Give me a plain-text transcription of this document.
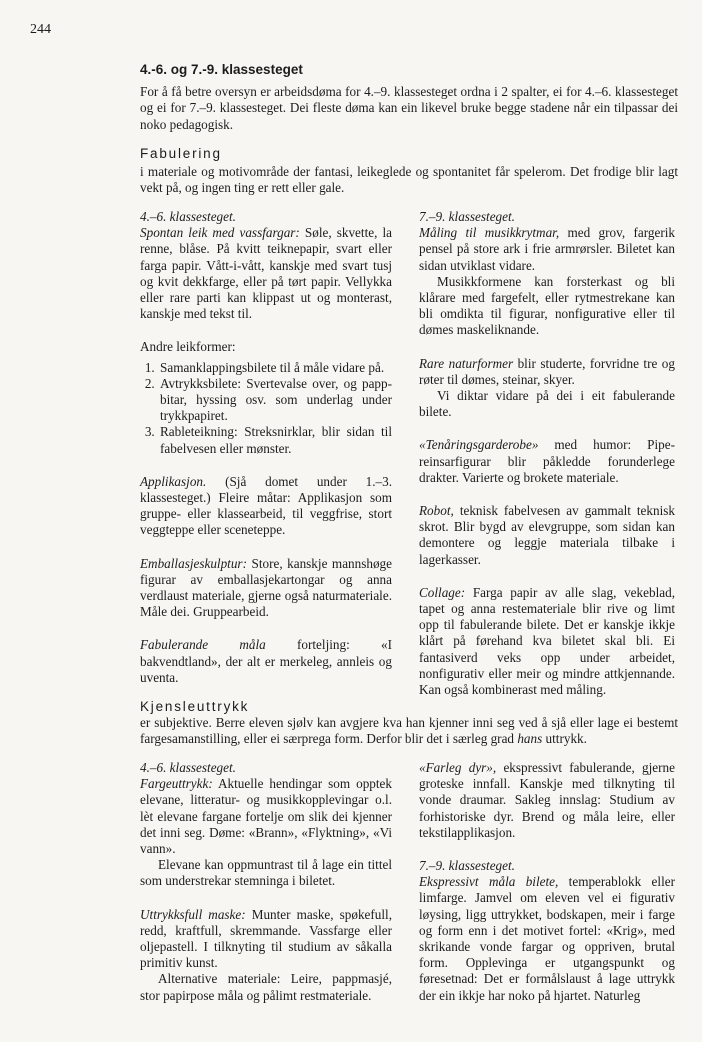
244
4.-6. og 7.-9. klassesteget
For å få betre oversyn er arbeidsdøma for 4.–9. klassesteget ordna i 2 spalter, ei for 4.–6. klassesteget og ei for 7.–9. klassesteget. Dei fleste døma kan ein likevel bruke begge stadene når ein tilpassar dei noko pedagogisk.
Fabulering
i materiale og motivområde der fantasi, leikeglede og spontanitet får spelerom. Det frodige blir lagt vekt på, og ingen ting er rett eller gale.

4.–6. klassesteget.
Spontan leik med vassfargar: Søle, skvette, la renne, blåse. På kvitt teiknepapir, svart eller farga papir. Vått-i-vått, kanskje med svart tusj og kvit dekkfarge, eller på tørt papir. Vellykka eller rare parti kan klippast ut og monterast, kanskje med tekst til.

Andre leikformer:

1. Samanklappingsbilete til å måle vidare på.
2. Avtrykksbilete: Svertevalse over, og papp-bitar, hyssing osv. som underlag under trykkpapiret.
3. Rableteikning: Streksnirklar, blir sidan til fabelvesen eller mønster.

Applikasjon. (Sjå domet under 1.–3. klassesteget.) Fleire måtar: Applikasjon som gruppe- eller klassearbeid, til veggfrise, stort veggteppe eller sceneteppe.

Emballasjeskulptur: Store, kanskje mannshøge figurar av emballasjekartongar og anna verdlaust materiale, gjerne også naturmateriale. Måle dei. Gruppearbeid.

Fabulerande måla forteljing: «I bakvendtland», der alt er merkeleg, annleis og uventa.

7.–9. klassesteget.
Måling til musikkrytmar, med grov, fargerik pensel på store ark i frie armrørsler. Biletet kan sidan utviklast vidare.

Musikkformene kan forsterkast og bli klårare med fargefelt, eller rytmestrekane kan bli omdikta til figurar, nonfigurative eller til dømes maskeliknande.

Rare naturformer blir studerte, forvridne tre og røter til dømes, steinar, skyer.

Vi diktar vidare på dei i eit fabulerande bilete.

«Tenåringsgarderobe» med humor: Pipe-reinsarfigurar blir påkledde forunderlege drakter. Varierte og brokete materiale.

Robot, teknisk fabelvesen av gammalt teknisk skrot. Blir bygd av elevgruppe, som sidan kan demontere og leggje materiala tilbake i lagerkasser.

Collage: Farga papir av alle slag, vekeblad, tapet og anna restemateriale blir rive og limt opp til fabulerande bilete. Det er kanskje ikkje klårt på førehand kva biletet skal bli. Ei fantasiverd veks opp under arbeidet, nonfigurativ eller meir og mindre attkjennande. Kan også kombinerast med måling.

Kjensleuttrykk
er subjektive. Berre eleven sjølv kan avgjere kva han kjenner inni seg ved å sjå eller lage ei bestemt fargesamanstilling, eller ei særprega form. Derfor blir det i særleg grad hans uttrykk.

4.–6. klassesteget.
Fargeuttrykk: Aktuelle hendingar som opptek elevane, litteratur- og musikkopplevingar o.l. lèt elevane fargane fortelje om slik dei kjenner det inni seg. Døme: «Brann», «Flyktning», «Vi vann».

Elevane kan oppmuntrast til å lage ein tittel som understrekar stemninga i biletet.

Uttrykksfull maske: Munter maske, spøkefull, redd, kraftfull, skremmande. Vassfarge eller oljepastell. I tilknyting til studium av såkalla primitiv kunst.

Alternative materiale: Leire, pappmasjé, stor papirpose måla og pålimt restmateriale.

«Farleg dyr», ekspressivt fabulerande, gjerne groteske innfall. Kanskje med tilknyting til vonde draumar. Sakleg innslag: Studium av forhistoriske dyr. Brend og måla leire, eller tekstilapplikasjon.

7.–9. klassesteget.
Ekspressivt måla bilete, temperablokk eller limfarge. Jamvel om eleven vel ei figurativ løysing, ligg uttrykket, bodskapen, meir i farge og form enn i det motivet fortel: «Krig», med skrikande vonde fargar og oppriven, brutal form. Opplevinga er utgangspunkt og føresetnad: Det er formålslaust å lage uttrykk der ein ikkje har noko på hjartet. Naturleg
